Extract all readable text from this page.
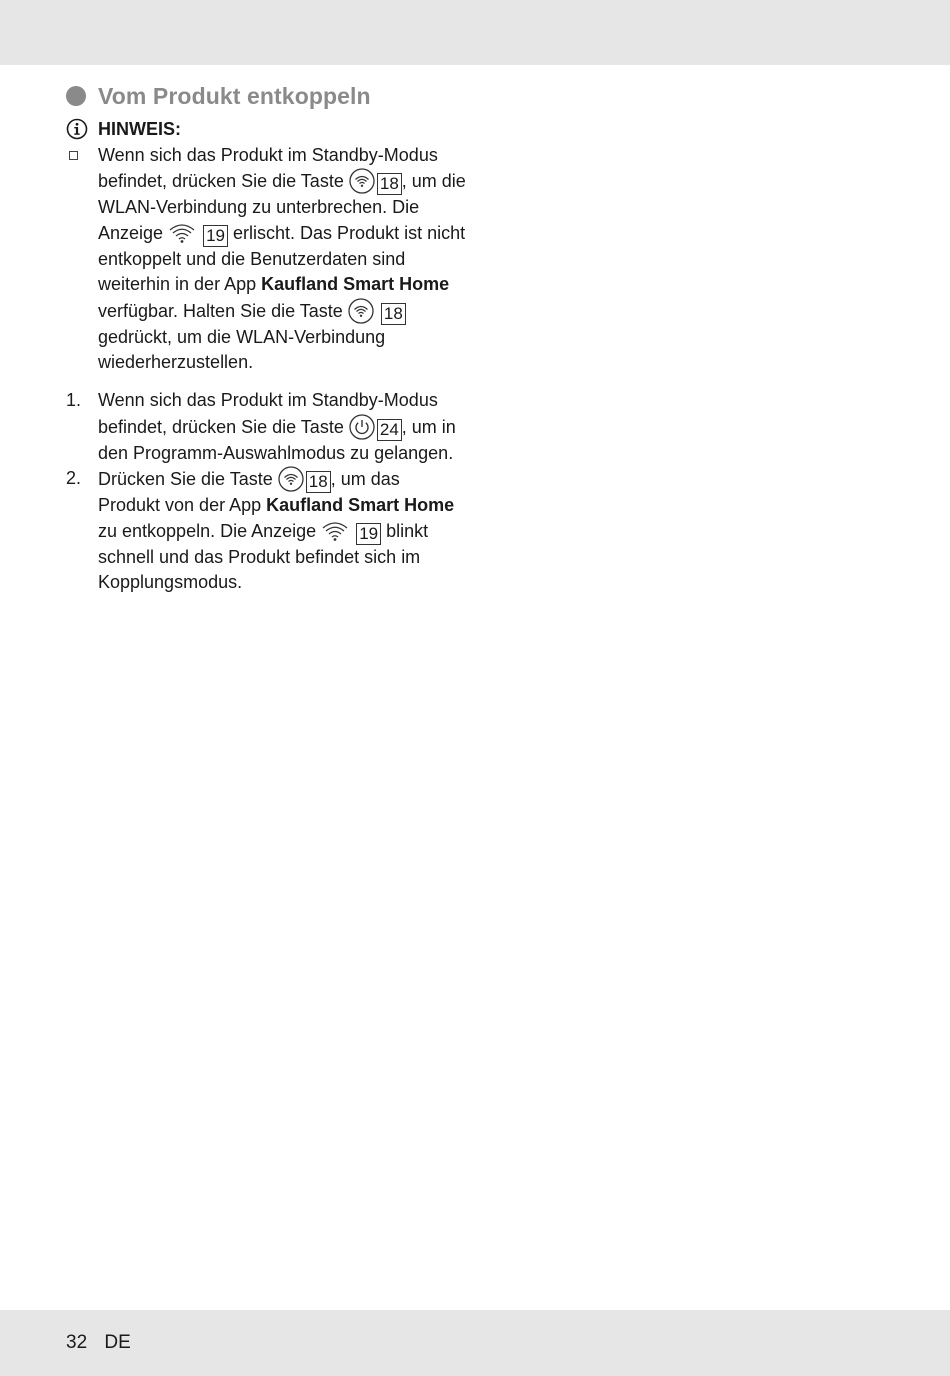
Vom Produkt entkoppeln
HINWEIS:
Wenn sich das Produkt im Standby-Modus befindet, drücken Sie die Taste 18 , um die WLAN-Verbindung zu unterbrechen. Die Anzeige	19 erlischt. Das Produkt ist nicht entkoppelt und die Benutzerdaten sind weiterhin in der App Kaufland Smart Home verfügbar. Halten Sie die Taste 18 gedrückt, um die WLAN-Verbindung wiederherzustellen.
1. Wenn sich das Produkt im Standby-Modus befindet, drücken Sie die Taste 24 , um in den Programm-Auswahlmodus zu gelangen.
2. Drücken Sie die Taste 18 , um das Produkt von der App Kaufland Smart Home zu entkoppeln. Die Anzeige	19 blinkt schnell und das Produkt befindet sich im Kopplungsmodus.
32 DE
